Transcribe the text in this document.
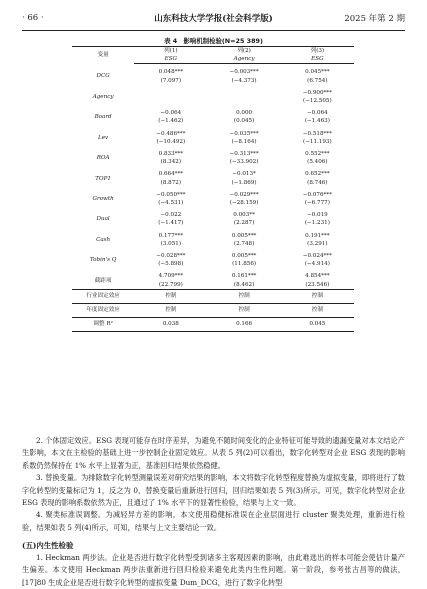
· 66 ·	山东科技大学学报(社会科学版)	2025 年第 2 期
表 4　影响机制检验(N=25 389)
变量	列(1)	列(2)	列(3)
	ESG	Agency	ESG
DCG	0.048***	−0.003***	0.045***
	(7.097)	(−4.373)	(6.754)
Agency			−0.900***
			(−12.505)
Board	−0.064	0.000	−0.064
	(−1.462)	(0.045)	(−1.463)
Lev	−0.486***	−0.035***	−0.518***
	(−10.492)	(−8.164)	(−11.193)
ROA	0.833***	−0.313***	0.552***
	(8.342)	(−33.902)	(5.406)
TOP1	0.664***	−0.013*	0.652***
	(8.872)	(−1.869)	(8.746)
Growth	−0.050***	−0.029***	−0.076***
	(−4.531)	(−28.159)	(−6.777)
Dual	−0.022	0.003**	−0.019
	(−1.417)	(2.287)	(−1.231)
Cash	0.177***	0.005***	0.191***
	(3.051)	(2.748)	(3.291)
Tobin's Q	−0.028***	0.005***	−0.024***
	(−5.898)	(11.856)	(−4.914)
截距项	4.709***	0.161***	4.854***
	(22.799)	(8.462)	(23.546)
行业固定效应	控制	控制	控制
年度固定效应	控制	控制	控制
调整 R²	0.038	0.166	0.045
2. 个体固定效应。ESG 表现可能存在时序差异，为避免不随时间变化的企业特征可能导致的遗漏变量对本文结论产生影响，本文在主检验的基础上进一步控制企业固定效应。从表 5 列(2)可以看出，数字化转型对企业 ESG 表现的影响系数仍然保持在 1% 水平上显著为正，基准回归结果依然稳健。
3. 替换变量。为排除数字化转型测量误差对研究结果的影响，本文将数字化转型程度替换为虚拟变量，即将进行了数字化转型的变量标记为 1，反之为 0，替换变量后重新进行回归，回归结果如表 5 列(3)所示。可见，数字化转型对企业 ESG 表现的影响系数依然为正，且通过了 1% 水平下的显著性检验，结果与上文一致。
4. 聚类标准误调整。为减轻异方差的影响，本文使用稳健标准误在企业层面进行 cluster 聚类处理，重新进行检验，结果如表 5 列(4)所示，可知，结果与上文主要结论一致。
(五)内生性检验
1. Heckman 两步法。企业是否进行数字化转型受到诸多主客观因素的影响，由此难选出的样本可能会使估计量产生偏差。本文使用 Heckman 两步法重新进行回归检验来避免此类内生性问题。第一阶段，参考张古昌等的做法，[17]80 生成企业是否进行数字化转型的虚拟变量 Dum_DCG，进行了数字化转型
